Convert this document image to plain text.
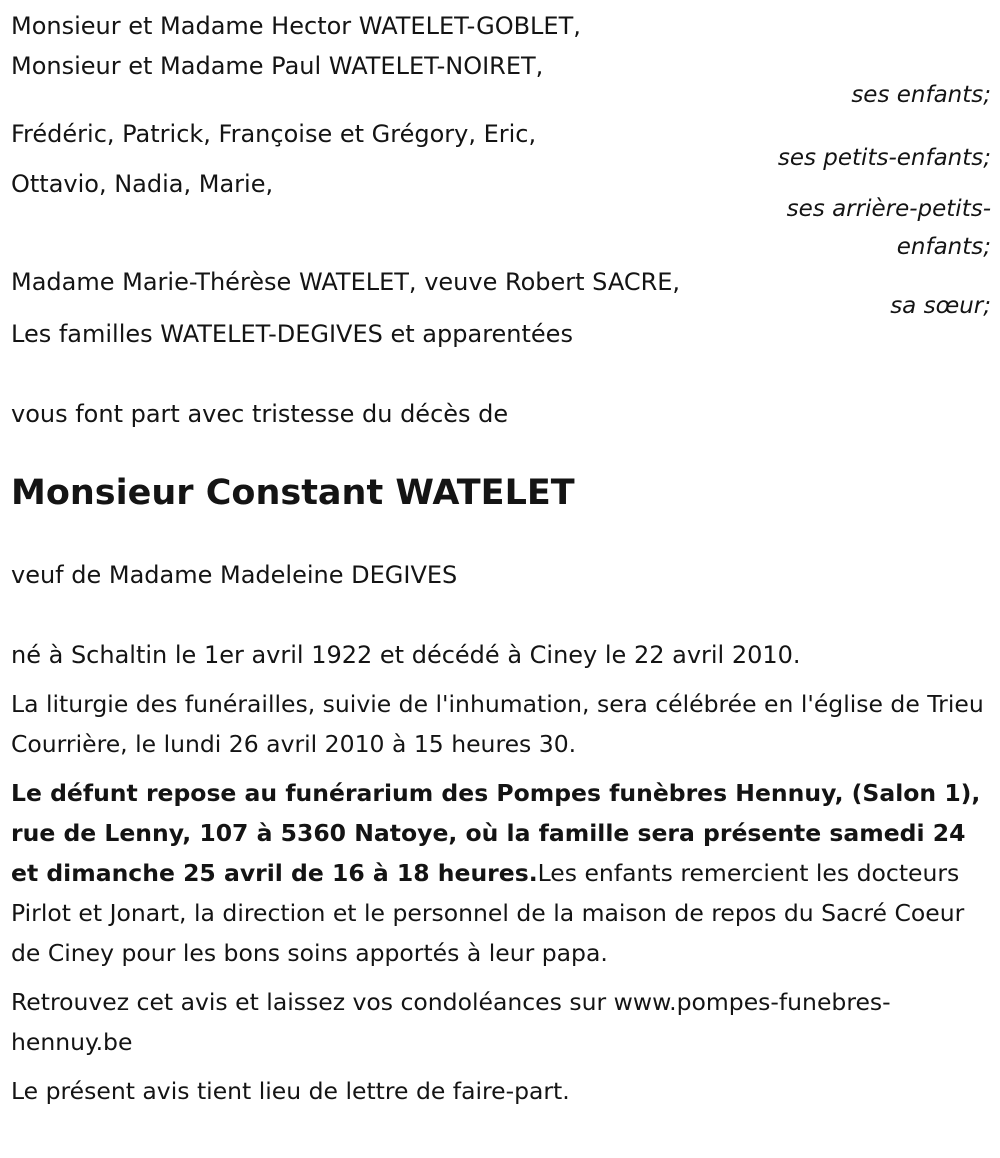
Monsieur et Madame Hector WATELET-GOBLET,
Monsieur et Madame Paul WATELET-NOIRET,
ses enfants;
Frédéric, Patrick, Françoise et Grégory, Eric,
ses petits-enfants;
Ottavio, Nadia, Marie,
ses arrière-petits-enfants;
Madame Marie-Thérèse WATELET, veuve Robert SACRE,
sa sœur;
Les familles WATELET-DEGIVES et apparentées
vous font part avec tristesse du décès de
Monsieur Constant WATELET
veuf de Madame Madeleine DEGIVES
né à Schaltin le 1er avril 1922 et décédé à Ciney le 22 avril 2010.

La liturgie des funérailles, suivie de l'inhumation, sera célébrée en l'église de Trieu Courrière, le lundi 26 avril 2010 à 15 heures 30.

Le défunt repose au funérarium des Pompes funèbres Hennuy, (Salon 1), rue de Lenny, 107 à 5360 Natoye, où la famille sera présente samedi 24 et dimanche 25 avril de 16 à 18 heures.Les enfants remercient les docteurs Pirlot et Jonart, la direction et le personnel de la maison de repos du Sacré Coeur de Ciney pour les bons soins apportés à leur papa.

Retrouvez cet avis et laissez vos condoléances sur www.pompes-funebres-hennuy.be

Le présent avis tient lieu de lettre de faire-part.
